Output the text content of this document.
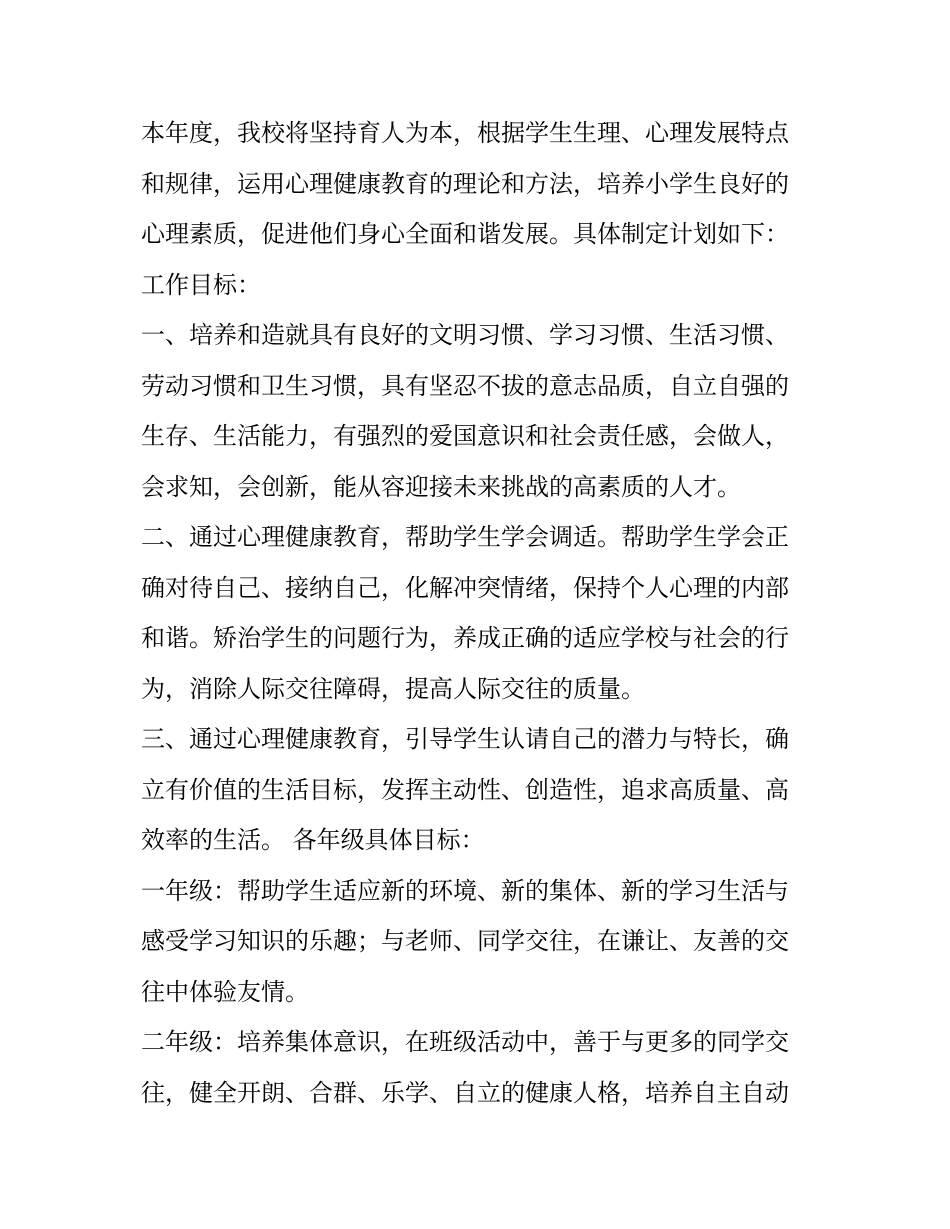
本年度，我校将坚持育人为本，根据学生生理、心理发展特点
和规律，运用心理健康教育的理论和方法，培养小学生良好的
心理素质，促进他们身心全面和谐发展。具体制定计划如下：
工作目标：
一、培养和造就具有良好的文明习惯、学习习惯、生活习惯、
劳动习惯和卫生习惯，具有坚忍不拔的意志品质，自立自强的
生存、生活能力，有强烈的爱国意识和社会责任感，会做人，
会求知，会创新，能从容迎接未来挑战的高素质的人才。
二、通过心理健康教育，帮助学生学会调适。帮助学生学会正
确对待自己、接纳自己，化解冲突情绪，保持个人心理的内部
和谐。矫治学生的问题行为，养成正确的适应学校与社会的行
为，消除人际交往障碍，提高人际交往的质量。
三、通过心理健康教育，引导学生认请自己的潜力与特长，确
立有价值的生活目标，发挥主动性、创造性，追求高质量、高
效率的生活。 各年级具体目标：
一年级：帮助学生适应新的环境、新的集体、新的学习生活与
感受学习知识的乐趣；与老师、同学交往，在谦让、友善的交
往中体验友情。
二年级：培养集体意识，在班级活动中，善于与更多的同学交
往，健全开朗、合群、乐学、自立的健康人格，培养自主自动
